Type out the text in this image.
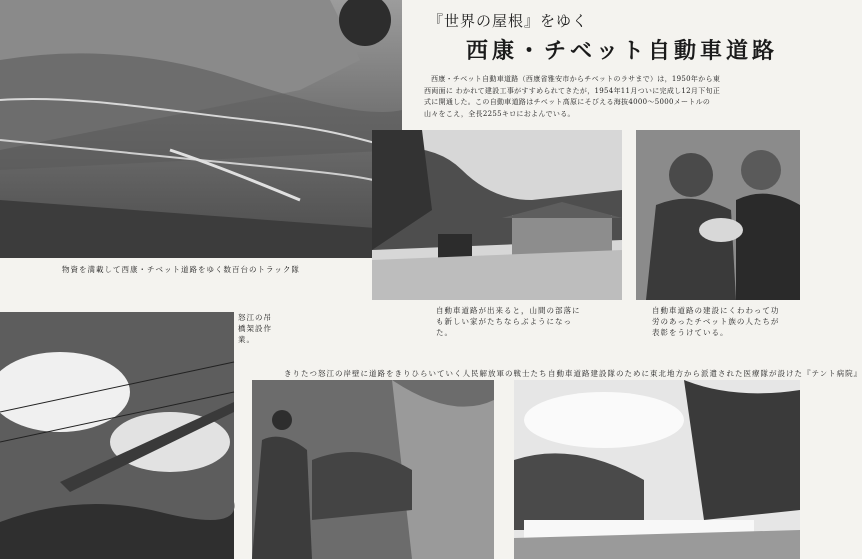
物資を満載して西康・チベット道路をゆく数百台のトラック隊
『世界の屋根』をゆく
西康・チベット自動車道路
西康・チベット自動車道路（西康省雅安市からチベットのラサまで）は，1950年から東西両面に わかれて建設工事がすすめられてきたが，1954年11月ついに完成し12月下旬正式に開通した。この自動車道路はチベット高原にそびえる海抜4000～5000メートルの山々をこえ，全長2255キロにおよんでいる。
自動車道路が出来ると，山間の部落にも新しい家がたちならぶようになった。
自動車道路の建設にくわわって功労のあったチベット族の人たちが表彰をうけている。
怒江の吊橋架設作業。
きりたつ怒江の岸壁に道路をきりひらいていく人民解放軍の戦士たち 自動車道路建設隊のために東北地方から派遣された医療隊が設けた『テント病院』
